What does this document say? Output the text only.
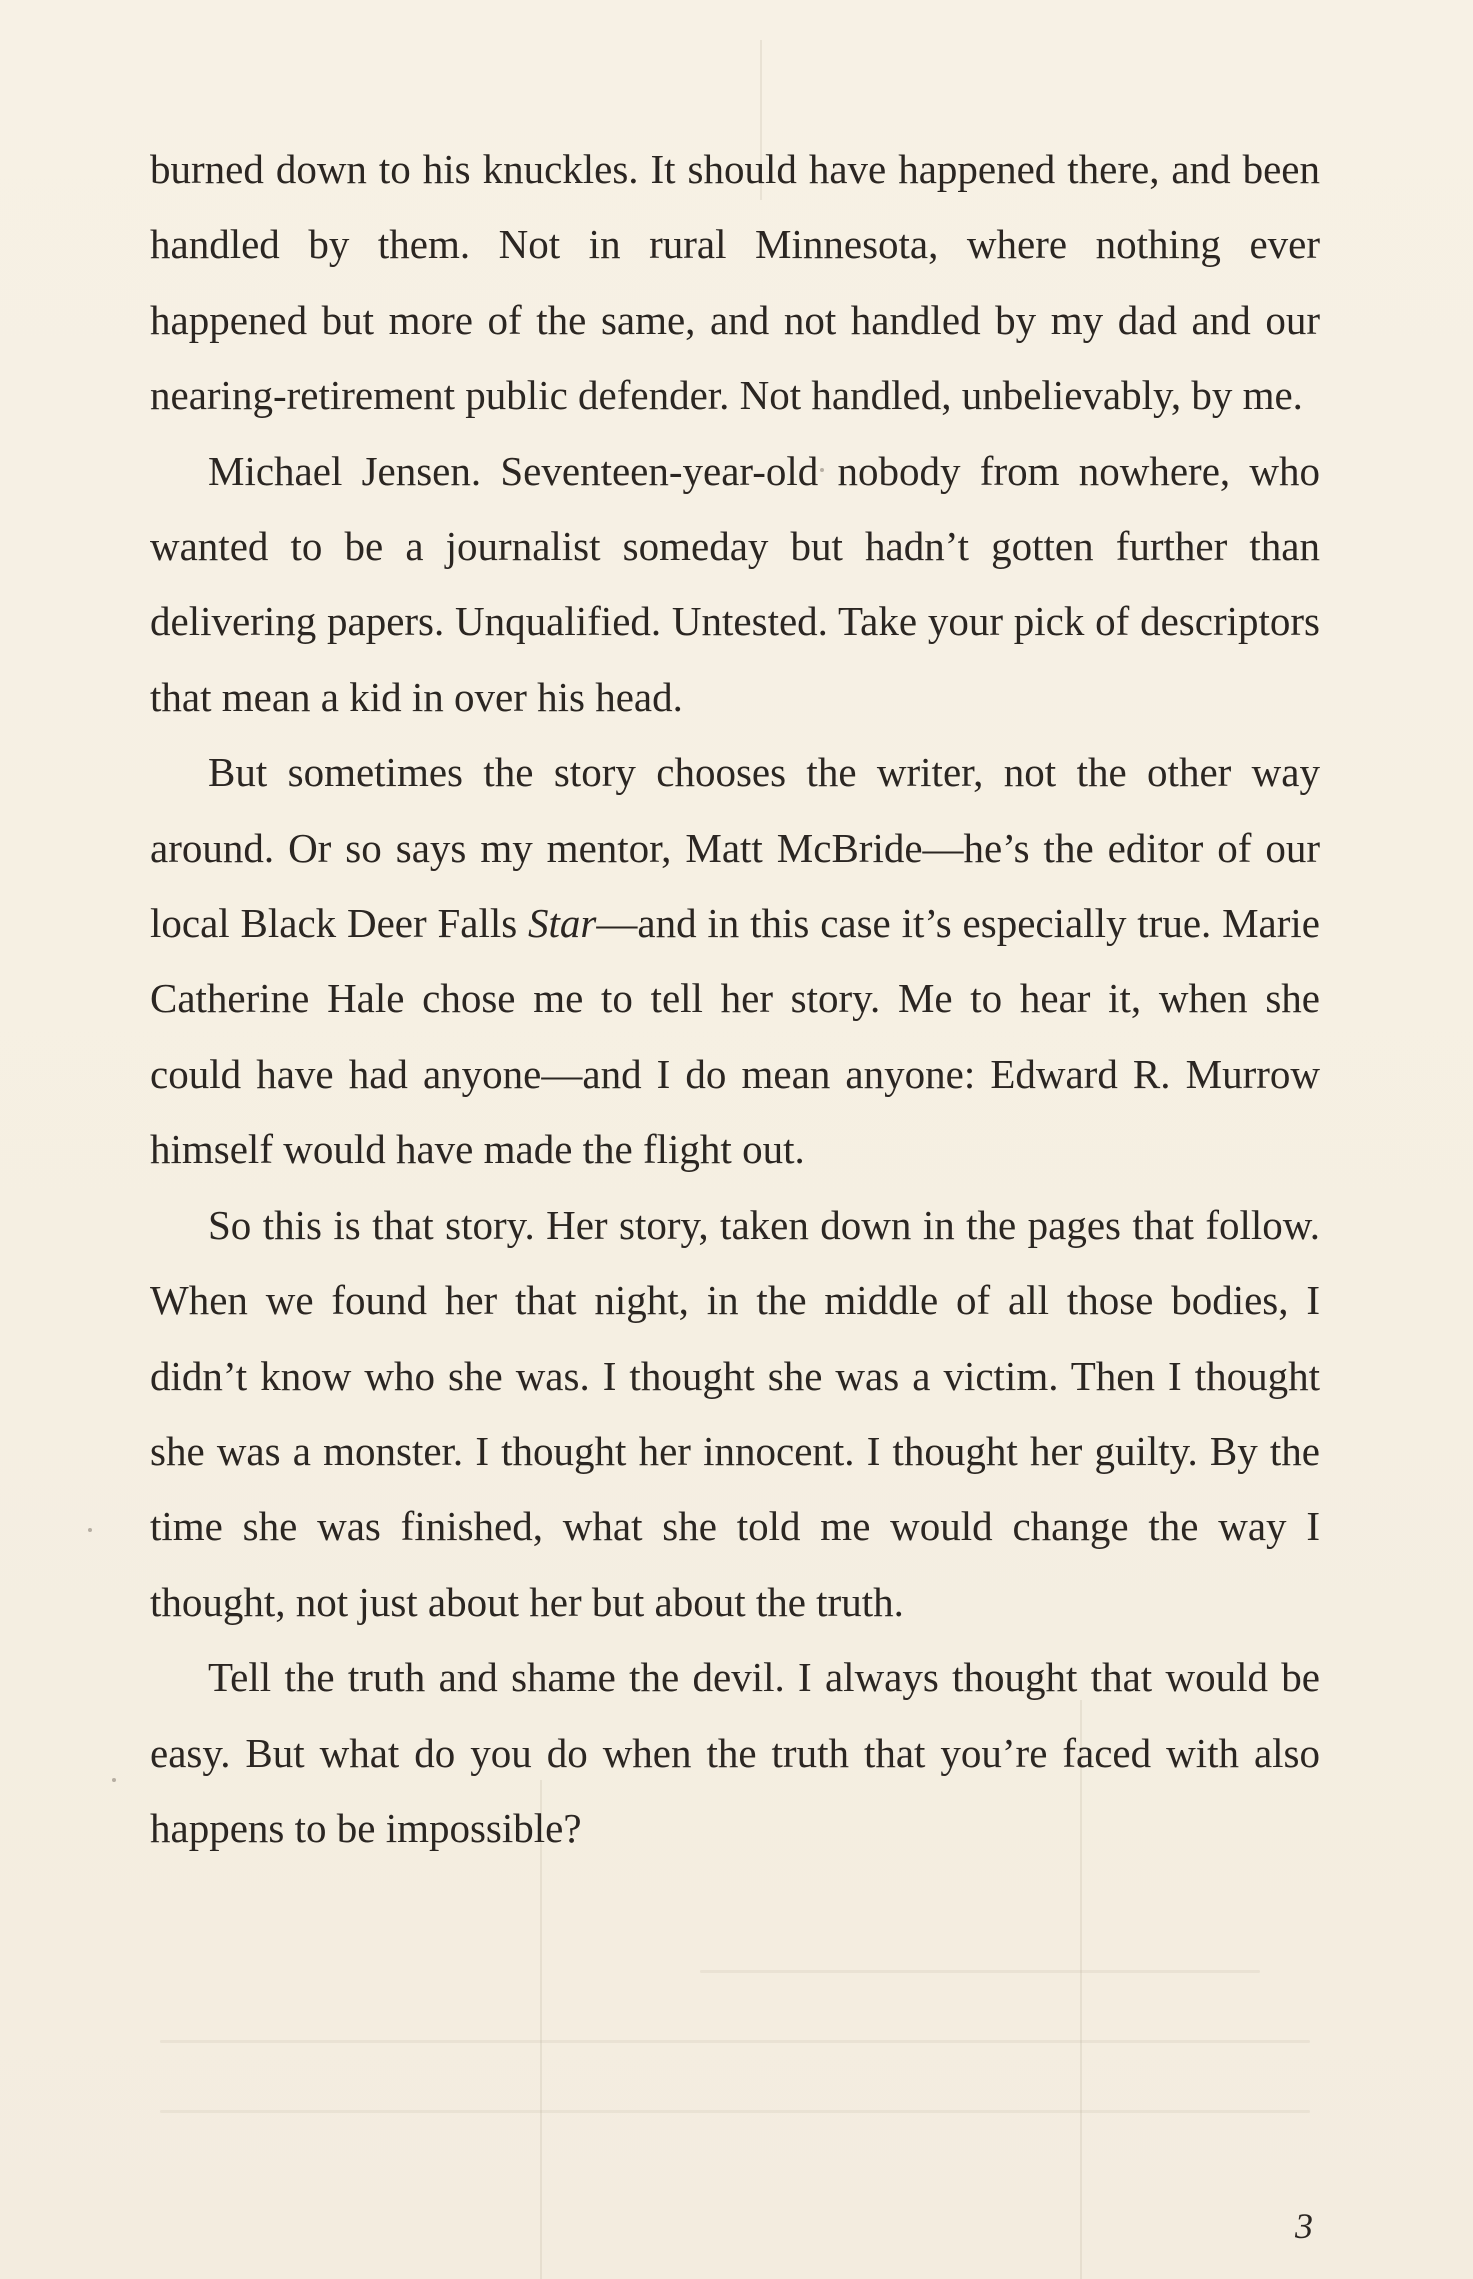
burned down to his knuckles. It should have happened there, and been handled by them. Not in rural Minnesota, where nothing ever happened but more of the same, and not handled by my dad and our nearing-retirement public defender. Not handled, unbelievably, by me.

Michael Jensen. Seventeen-year-old nobody from nowhere, who wanted to be a journalist someday but hadn’t gotten further than delivering papers. Unqualified. Untested. Take your pick of descriptors that mean a kid in over his head.

But sometimes the story chooses the writer, not the other way around. Or so says my mentor, Matt McBride—he’s the editor of our local Black Deer Falls Star—and in this case it’s especially true. Marie Catherine Hale chose me to tell her story. Me to hear it, when she could have had anyone—and I do mean anyone: Edward R. Murrow himself would have made the flight out.

So this is that story. Her story, taken down in the pages that follow. When we found her that night, in the middle of all those bodies, I didn’t know who she was. I thought she was a victim. Then I thought she was a monster. I thought her innocent. I thought her guilty. By the time she was finished, what she told me would change the way I thought, not just about her but about the truth.

Tell the truth and shame the devil. I always thought that would be easy. But what do you do when the truth that you’re faced with also happens to be impossible?

3
